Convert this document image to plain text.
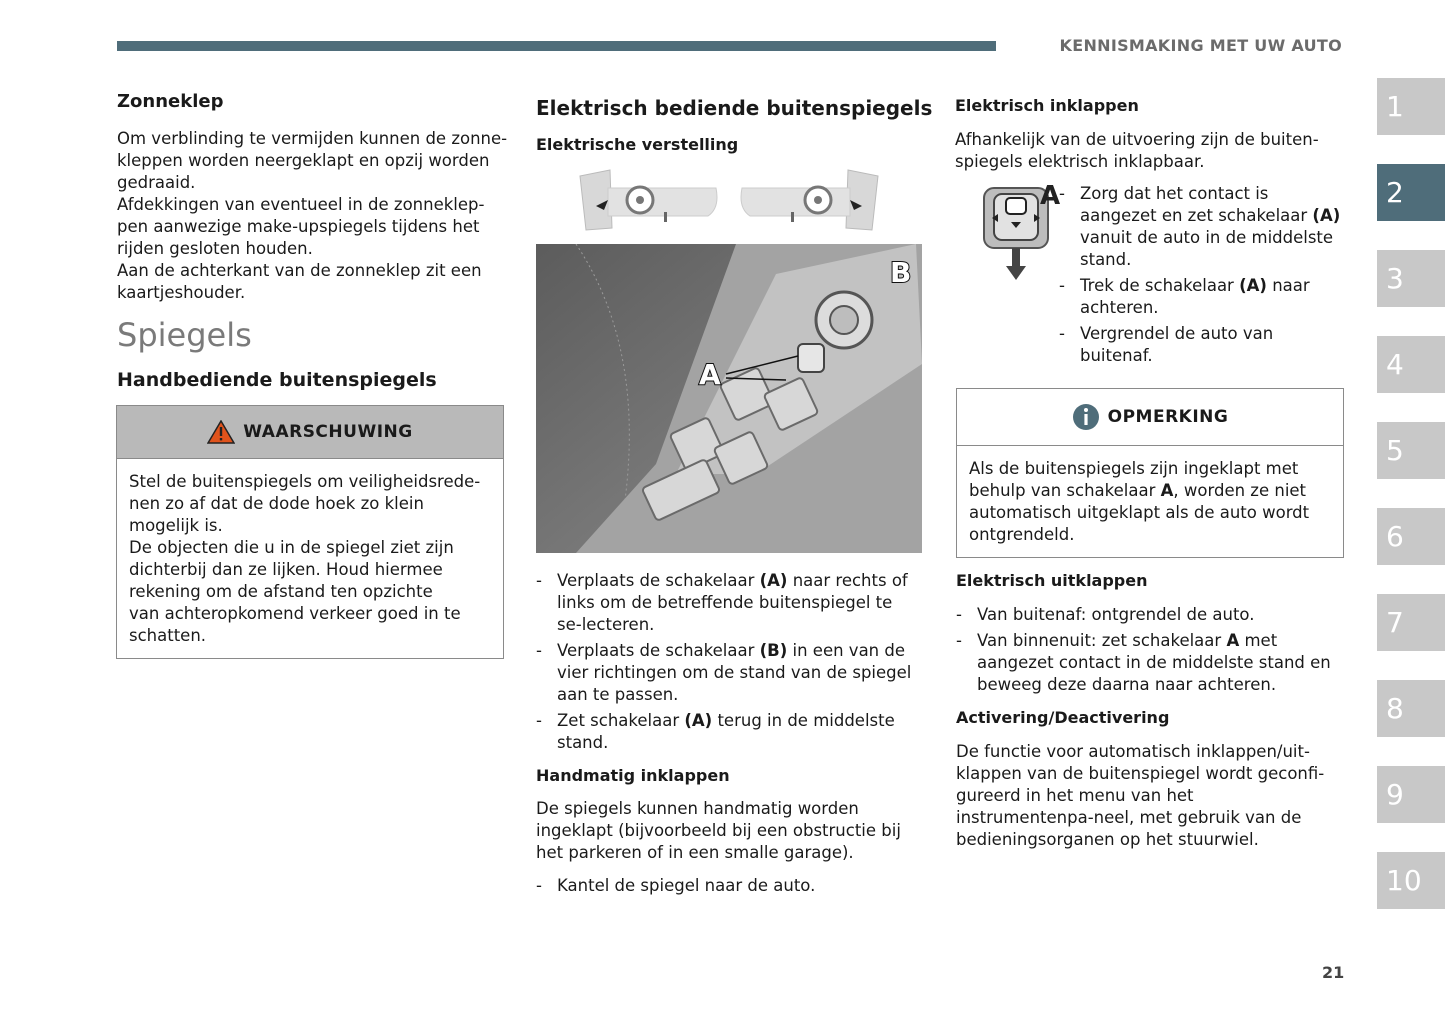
KENNISMAKING MET UW AUTO
Zonneklep
Om verblinding te vermijden kunnen de zonne-
kleppen worden neergeklapt en opzij worden
gedraaid.
Afdekkingen van eventueel in de zonneklep-
pen aanwezige make-upspiegels tijdens het
rijden gesloten houden.
Aan de achterkant van de zonneklep zit een
kaartjeshouder.
Spiegels
Handbediende buitenspiegels
WAARSCHUWING
Stel de buitenspiegels om veiligheidsrede-
nen zo af dat de dode hoek zo klein
mogelijk is.
De objecten die u in de spiegel ziet zijn
dichterbij dan ze lijken. Houd hiermee
rekening om de afstand ten opzichte
van achteropkomend verkeer goed in te
schatten.
Elektrisch bediende buitenspiegels
Elektrische verstelling
A
B
- Verplaats de schakelaar (A) naar rechts of links om de betreffende buitenspiegel te se-lecteren.
- Verplaats de schakelaar (B) in een van de vier richtingen om de stand van de spiegel aan te passen.
- Zet schakelaar (A) terug in de middelste stand.
Handmatig inklappen
De spiegels kunnen handmatig worden ingeklapt (bijvoorbeeld bij een obstructie bij het parkeren of in een smalle garage).
- Kantel de spiegel naar de auto.
Elektrisch inklappen
Afhankelijk van de uitvoering zijn de buiten-spiegels elektrisch inklapbaar.
A
-	Zorg dat het contact is aangezet en zet schakelaar (A) vanuit de auto in de middelste stand.
- Trek de schakelaar (A) naar achteren.
- Vergrendel de auto van buitenaf.
OPMERKING
Als de buitenspiegels zijn ingeklapt met behulp van schakelaar A, worden ze niet automatisch uitgeklapt als de auto wordt ontgrendeld.
Elektrisch uitklappen
- Van buitenaf: ontgrendel de auto.
- Van binnenuit: zet schakelaar A met aangezet contact in de middelste stand en beweeg deze daarna naar achteren.
Activering/Deactivering
De functie voor automatisch inklappen/uit-klappen van de buitenspiegel wordt geconfi-gureerd in het menu van het instrumentenpa-neel, met gebruik van de bedieningsorganen op het stuurwiel.
1
2
3
4
5
6
7
8
9
10
21
